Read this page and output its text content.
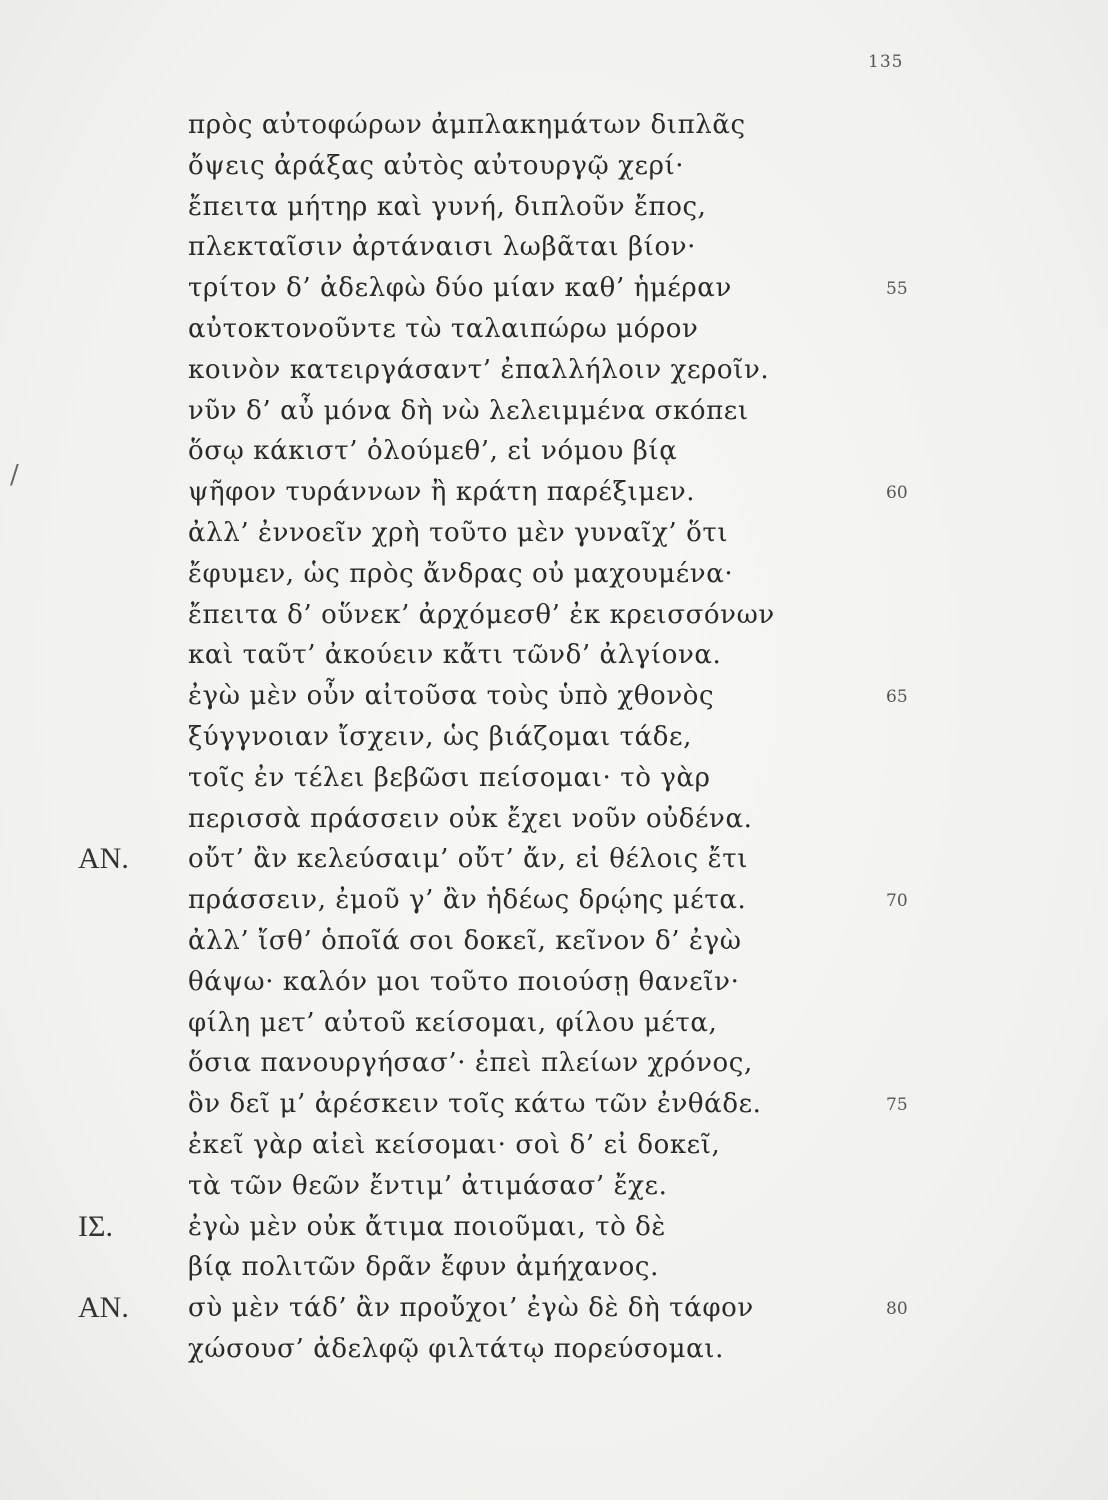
135
/
πρὸς αὐτοφώρων ἀμπλακημάτων διπλᾶς
ὄψεις ἀράξας αὐτὸς αὐτουργῷ χερί·
ἔπειτα μήτηρ καὶ γυνή, διπλοῦν ἔπος,
πλεκταῖσιν ἀρτάναισι λωβᾶται βίον·
τρίτον δ’ ἀδελφὼ δύο μίαν καθ’ ἡμέραν	55
αὐτοκτονοῦντε τὼ ταλαιπώρω μόρον
κοινὸν κατειργάσαντ’ ἐπαλλήλοιν χεροῖν.
νῦν δ’ αὖ μόνα δὴ νὼ λελειμμένα σκόπει
ὅσῳ κάκιστ’ ὀλούμεθ’, εἰ νόμου βίᾳ
ψῆφον τυράννων ἢ κράτη παρέξιμεν.	60
ἀλλ’ ἐννοεῖν χρὴ τοῦτο μὲν γυναῖχ’ ὅτι
ἔφυμεν, ὡς πρὸς ἄνδρας οὐ μαχουμένα·
ἔπειτα δ’ οὕνεκ’ ἀρχόμεσθ’ ἐκ κρεισσόνων
καὶ ταῦτ’ ἀκούειν κἄτι τῶνδ’ ἀλγίονα.
ἐγὼ μὲν οὖν αἰτοῦσα τοὺς ὑπὸ χθονὸς	65
ξύγγνοιαν ἴσχειν, ὡς βιάζομαι τάδε,
τοῖς ἐν τέλει βεβῶσι πείσομαι· τὸ γὰρ
περισσὰ πράσσειν οὐκ ἔχει νοῦν οὐδένα.
ΑΝ. οὔτ’ ἂν κελεύσαιμ’ οὔτ’ ἄν, εἰ θέλοις ἔτι
πράσσειν, ἐμοῦ γ’ ἂν ἡδέως δρῴης μέτα.	70
ἀλλ’ ἴσθ’ ὁποῖά σοι δοκεῖ, κεῖνον δ’ ἐγὼ
θάψω· καλόν μοι τοῦτο ποιούσῃ θανεῖν·
φίλη μετ’ αὐτοῦ κείσομαι, φίλου μέτα,
ὅσια πανουργήσασ’· ἐπεὶ πλείων χρόνος,
ὃν δεῖ μ’ ἀρέσκειν τοῖς κάτω τῶν ἐνθάδε.	75
ἐκεῖ γὰρ αἰεὶ κείσομαι· σοὶ δ’ εἰ δοκεῖ,
τὰ τῶν θεῶν ἔντιμ’ ἀτιμάσασ’ ἔχε.
ΙΣ.	ἐγὼ μὲν οὐκ ἄτιμα ποιοῦμαι, τὸ δὲ
βίᾳ πολιτῶν δρᾶν ἔφυν ἀμήχανος.
ΑΝ. σὺ μὲν τάδ’ ἂν προὔχοι’ ἐγὼ δὲ δὴ τάφον	80
χώσουσ’ ἀδελφῷ φιλτάτῳ πορεύσομαι.
